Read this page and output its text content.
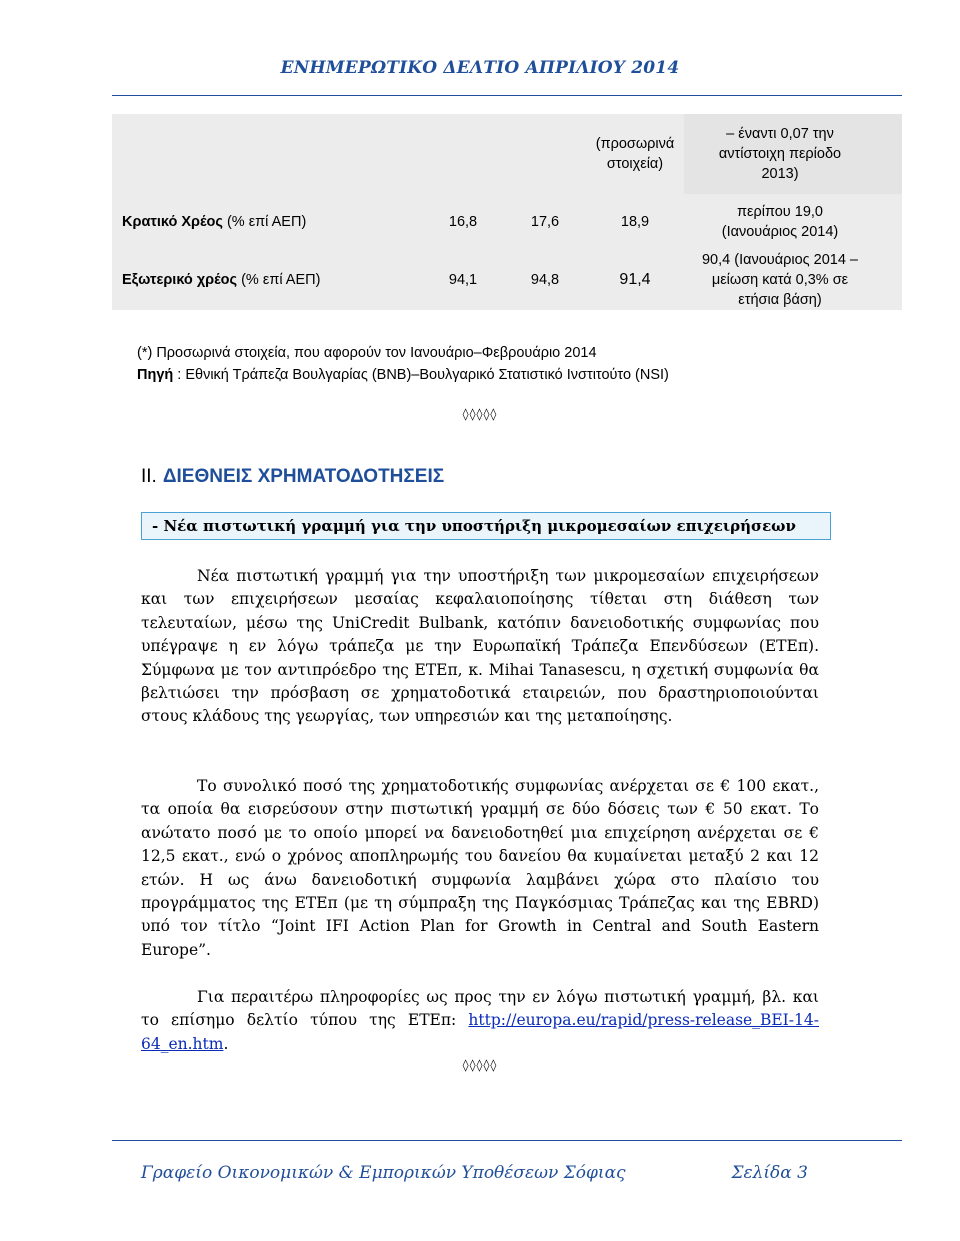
ΕΝΗΜΕΡΩΤΙΚΟ ΔΕΛΤΙΟ ΑΠΡΙΛΙΟΥ 2014
			(προσωρινά στοιχεία)	– έναντι 0,07 την αντίστοιχη περίοδο 2013)
Κρατικό Χρέος (% επί ΑΕΠ)	16,8	17,6	18,9	περίπου 19,0 (Ιανουάριος 2014)
Εξωτερικό χρέος (% επί ΑΕΠ)	94,1	94,8	91,4	90,4 (Ιανουάριος 2014 – μείωση κατά 0,3% σε ετήσια βάση)
(*) Προσωρινά στοιχεία, που αφορούν τον Ιανουάριο–Φεβρουάριο 2014
Πηγή : Εθνική Τράπεζα Βουλγαρίας (BNB)–Βουλγαρικό Στατιστικό Ινστιτούτο (NSI)
◊◊◊◊◊
ΙΙ. ΔΙΕΘΝΕΙΣ ΧΡΗΜΑΤΟΔΟΤΗΣΕΙΣ
- Νέα πιστωτική γραμμή για την υποστήριξη μικρομεσαίων επιχειρήσεων
Νέα πιστωτική γραμμή για την υποστήριξη των μικρομεσαίων επιχειρήσεων και των επιχειρήσεων μεσαίας κεφαλαιοποίησης τίθεται στη διάθεση των τελευταίων, μέσω της UniCredit Bulbank, κατόπιν δανειοδοτικής συμφωνίας που υπέγραψε η εν λόγω τράπεζα με την Ευρωπαϊκή Τράπεζα Επενδύσεων (ΕΤΕπ). Σύμφωνα με τον αντιπρόεδρο της ΕΤΕπ, κ. Mihai Tanasescu, η σχετική συμφωνία θα βελτιώσει την πρόσβαση σε χρηματοδοτικά εταιρειών, που δραστηριοποιούνται στους κλάδους της γεωργίας, των υπηρεσιών και της μεταποίησης.
Το συνολικό ποσό της χρηματοδοτικής συμφωνίας ανέρχεται σε € 100 εκατ., τα οποία θα εισρεύσουν στην πιστωτική γραμμή σε δύο δόσεις των € 50 εκατ. Το ανώτατο ποσό με το οποίο μπορεί να δανειοδοτηθεί μια επιχείρηση ανέρχεται σε € 12,5 εκατ., ενώ ο χρόνος αποπληρωμής του δανείου θα κυμαίνεται μεταξύ 2 και 12 ετών. Η ως άνω δανειοδοτική συμφωνία λαμβάνει χώρα στο πλαίσιο του προγράμματος της ΕΤΕπ (με τη σύμπραξη της Παγκόσμιας Τράπεζας και της EBRD) υπό τον τίτλο “Joint IFI Action Plan for Growth in Central and South Eastern Europe”.
Για περαιτέρω πληροφορίες ως προς την εν λόγω πιστωτική γραμμή, βλ. και το επίσημο δελτίο τύπου της ΕΤΕπ: http://europa.eu/rapid/press-release_BEI-14-64_en.htm.
◊◊◊◊◊
Γραφείο Οικονομικών & Εμπορικών Υποθέσεων Σόφιας	Σελίδα 3
